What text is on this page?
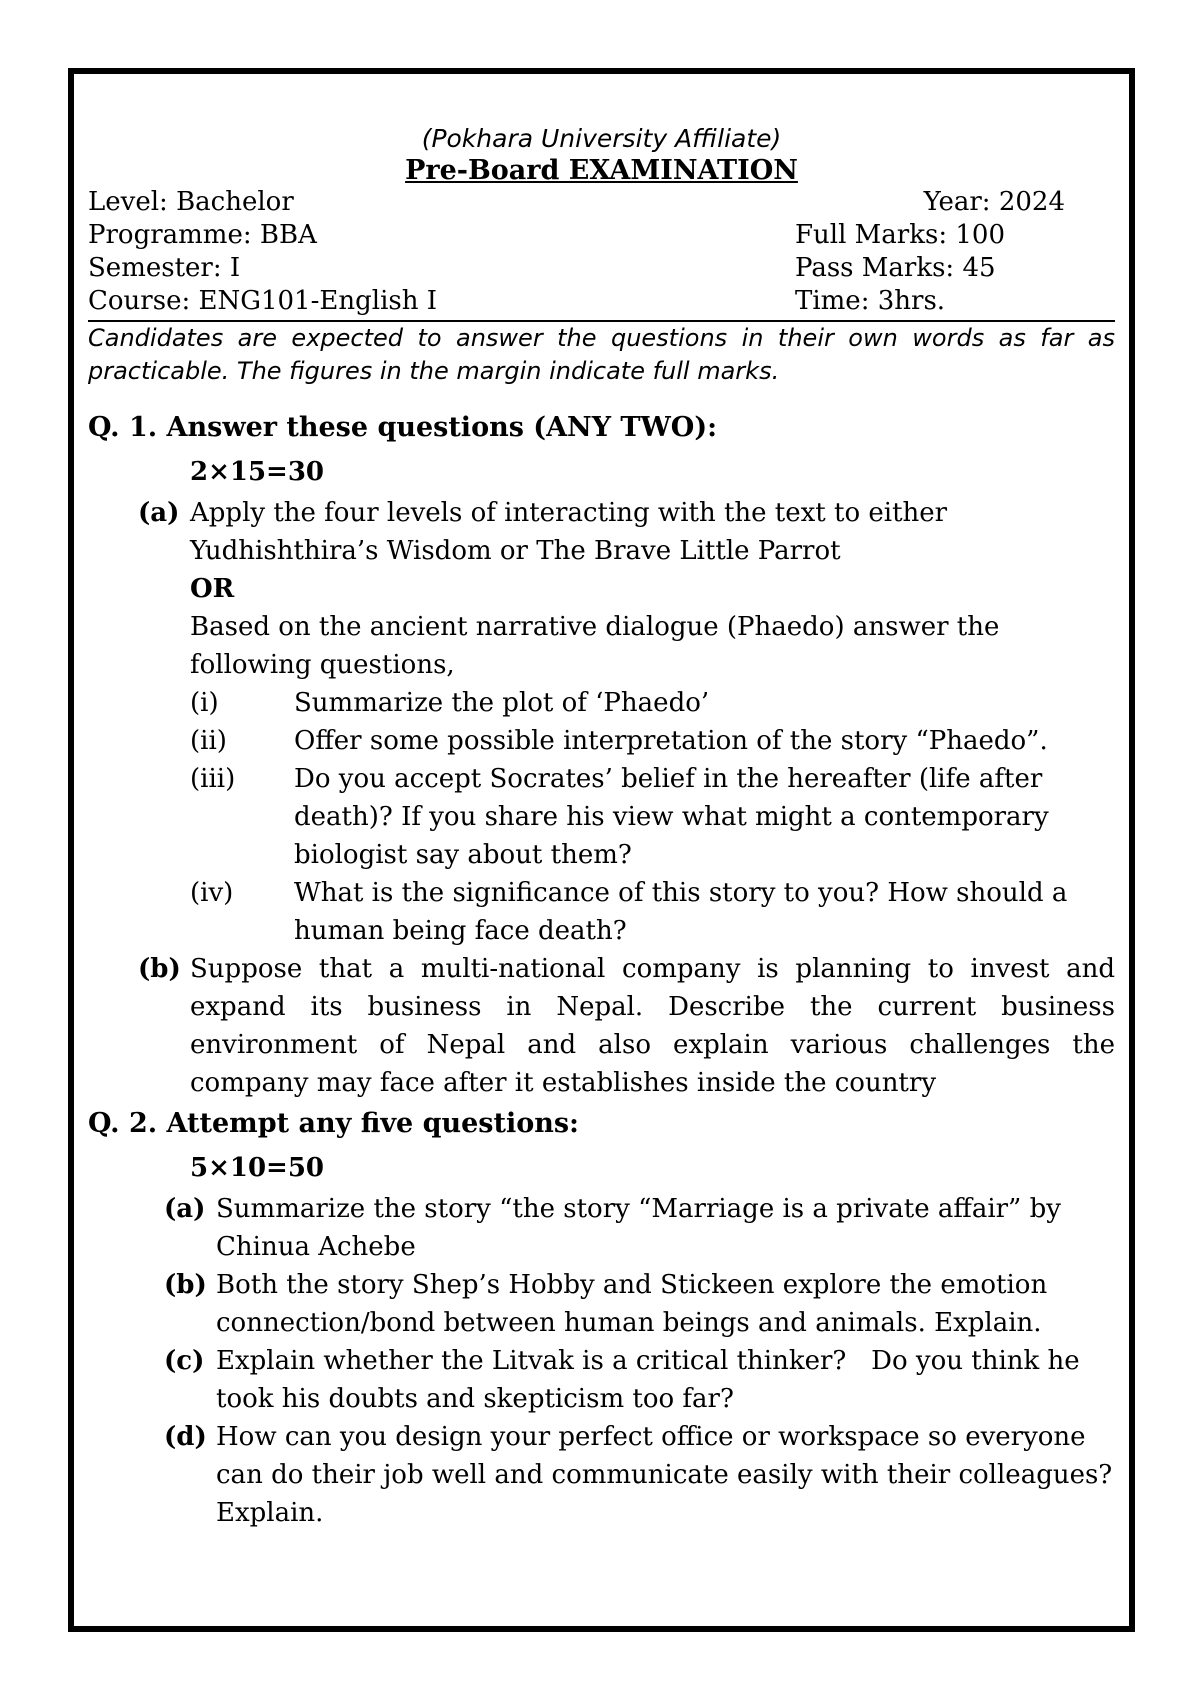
(Pokhara University Affiliate)
Pre-Board EXAMINATION
Level: Bachelor	Year: 2024
Programme: BBA	Full Marks: 100
Semester: I	Pass Marks: 45
Course: ENG101-English I	Time: 3hrs.
Candidates are expected to answer the questions in their own words as far as practicable. The figures in the margin indicate full marks.
Q. 1. Answer these questions (ANY TWO):
2×15=30
(a) Apply the four levels of interacting with the text to either Yudhishthira’s Wisdom or The Brave Little Parrot
OR
Based on the ancient narrative dialogue (Phaedo) answer the following questions,
(i)	Summarize the plot of ‘Phaedo’
(ii)	Offer some possible interpretation of the story “Phaedo”.
(iii)	Do you accept Socrates’ belief in the hereafter (life after death)? If you share his view what might a contemporary biologist say about them?
(iv)	What is the significance of this story to you? How should a human being face death?
(b) Suppose that a multi-national company is planning to invest and expand its business in Nepal. Describe the current business environment of Nepal and also explain various challenges the company may face after it establishes inside the country
Q. 2. Attempt any five questions:
5×10=50
(a) Summarize the story “the story “Marriage is a private affair” by Chinua Achebe
(b) Both the story Shep’s Hobby and Stickeen explore the emotion connection/bond between human beings and animals. Explain.
(c) Explain whether the Litvak is a critical thinker?   Do you think he took his doubts and skepticism too far?
(d) How can you design your perfect office or workspace so everyone can do their job well and communicate easily with their colleagues? Explain.
